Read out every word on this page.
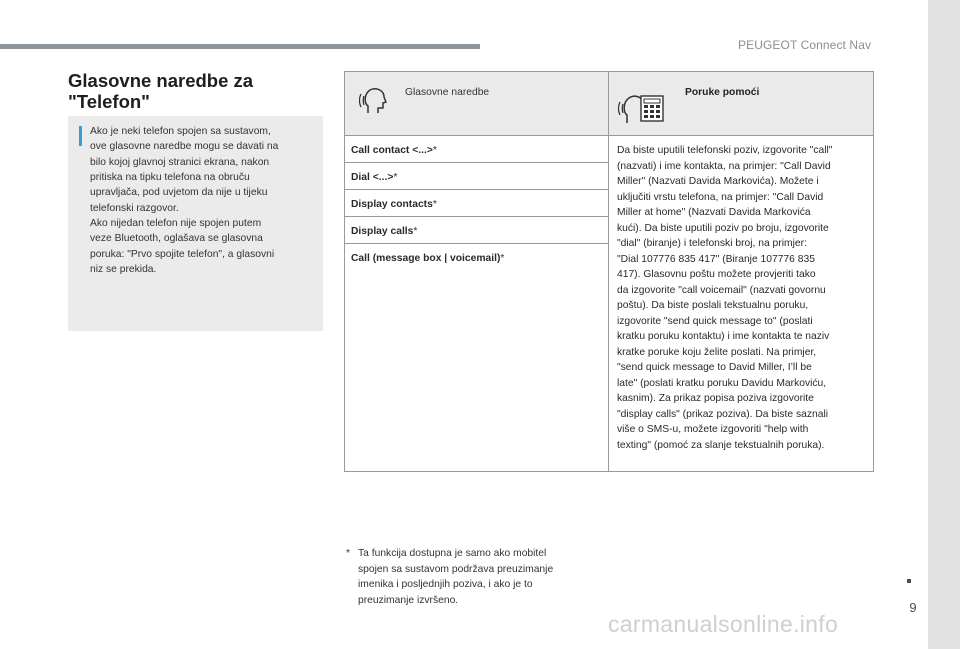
PEUGEOT Connect Nav
9
Glasovne naredbe za
"Telefon"
Ako je neki telefon spojen sa sustavom,
ove glasovne naredbe mogu se davati na
bilo kojoj glavnoj stranici ekrana, nakon
pritiska na tipku telefona na obruču
upravljača, pod uvjetom da nije u tijeku
telefonski razgovor.
Ako nijedan telefon nije spojen putem
veze Bluetooth, oglašava se glasovna
poruka: "Prvo spojite telefon", a glasovni
niz se prekida.
Glasovne naredbe	Poruke pomoći
Call contact <...>*
Dial <...>*
Display contacts*
Display calls*
Call (message box | voicemail)*
Da biste uputili telefonski poziv, izgovorite "call"
(nazvati) i ime kontakta, na primjer: "Call David
Miller" (Nazvati Davida Markovića). Možete i
uključiti vrstu telefona, na primjer: "Call David
Miller at home" (Nazvati Davida Markovića
kući). Da biste uputili poziv po broju, izgovorite
"dial" (biranje) i telefonski broj, na primjer:
"Dial 107776 835 417" (Biranje 107776 835
417). Glasovnu poštu možete provjeriti tako
da izgovorite "call voicemail" (nazvati govornu
poštu). Da biste poslali tekstualnu poruku,
izgovorite "send quick message to" (poslati
kratku poruku kontaktu) i ime kontakta te naziv
kratke poruke koju želite poslati. Na primjer,
"send quick message to David Miller, I’ll be
late" (poslati kratku poruku Davidu Markoviću,
kasnim). Za prikaz popisa poziva izgovorite
"display calls" (prikaz poziva). Da biste saznali
više o SMS-u, možete izgovoriti "help with
texting" (pomoć za slanje tekstualnih poruka).
* Ta funkcija dostupna je samo ako mobitel
spojen sa sustavom podržava preuzimanje
imenika i posljednjih poziva, i ako je to
preuzimanje izvršeno.
carmanualsonline.info
